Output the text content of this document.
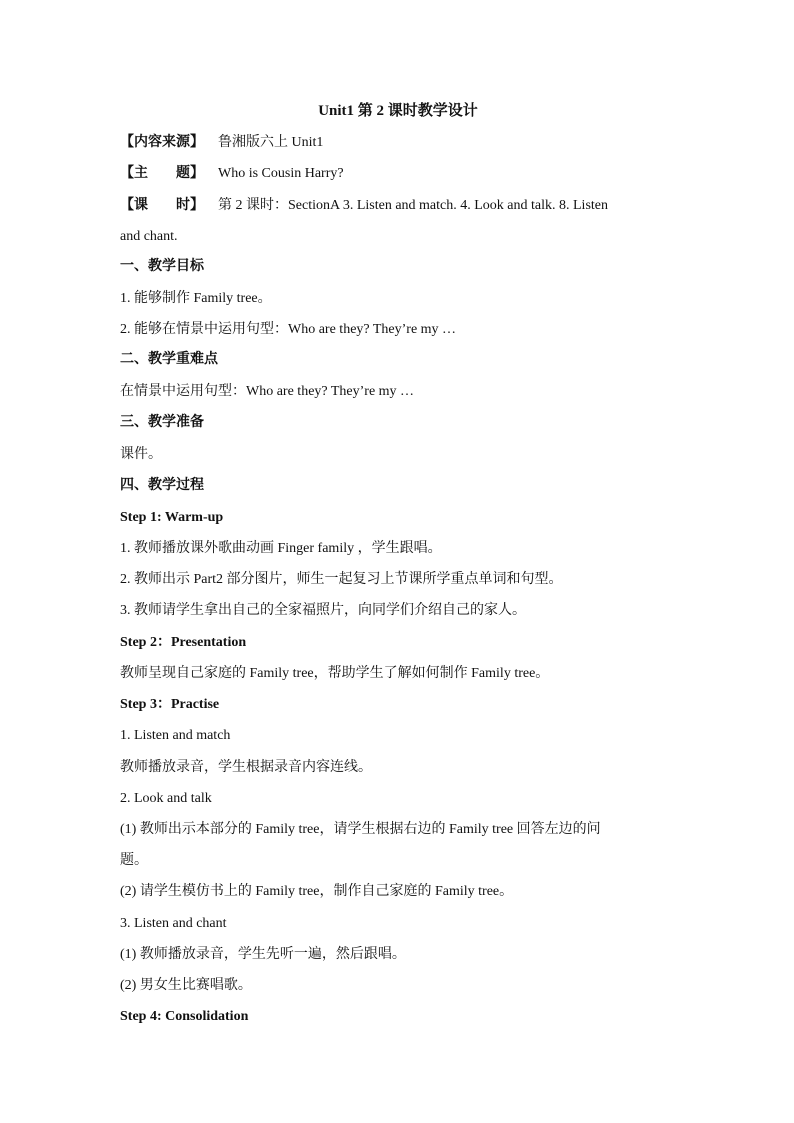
Unit1 第 2 课时教学设计
【内容来源】 鲁湘版六上 Unit1
【主　　题】 Who is Cousin Harry?
【课　　时】 第 2 课时：SectionA 3. Listen and match. 4. Look and talk. 8. Listen
and chant.
一、教学目标
1. 能够制作 Family tree。
2. 能够在情景中运用句型：Who are they? They’re my …
二、教学重难点
在情景中运用句型：Who are they? They’re my …
三、教学准备
课件。
四、教学过程
Step 1: Warm-up
1. 教师播放课外歌曲动画 Finger family ，学生跟唱。
2. 教师出示 Part2 部分图片，师生一起复习上节课所学重点单词和句型。
3. 教师请学生拿出自己的全家福照片，向同学们介绍自己的家人。
Step 2：Presentation
教师呈现自己家庭的 Family tree，帮助学生了解如何制作 Family tree。
Step 3：Practise
1. Listen and match
教师播放录音，学生根据录音内容连线。
2. Look and talk
(1) 教师出示本部分的 Family tree，请学生根据右边的 Family tree 回答左边的问
题。
(2) 请学生模仿书上的 Family tree，制作自己家庭的 Family tree。
3. Listen and chant
(1) 教师播放录音，学生先听一遍，然后跟唱。
(2) 男女生比赛唱歌。
Step 4: Consolidation
